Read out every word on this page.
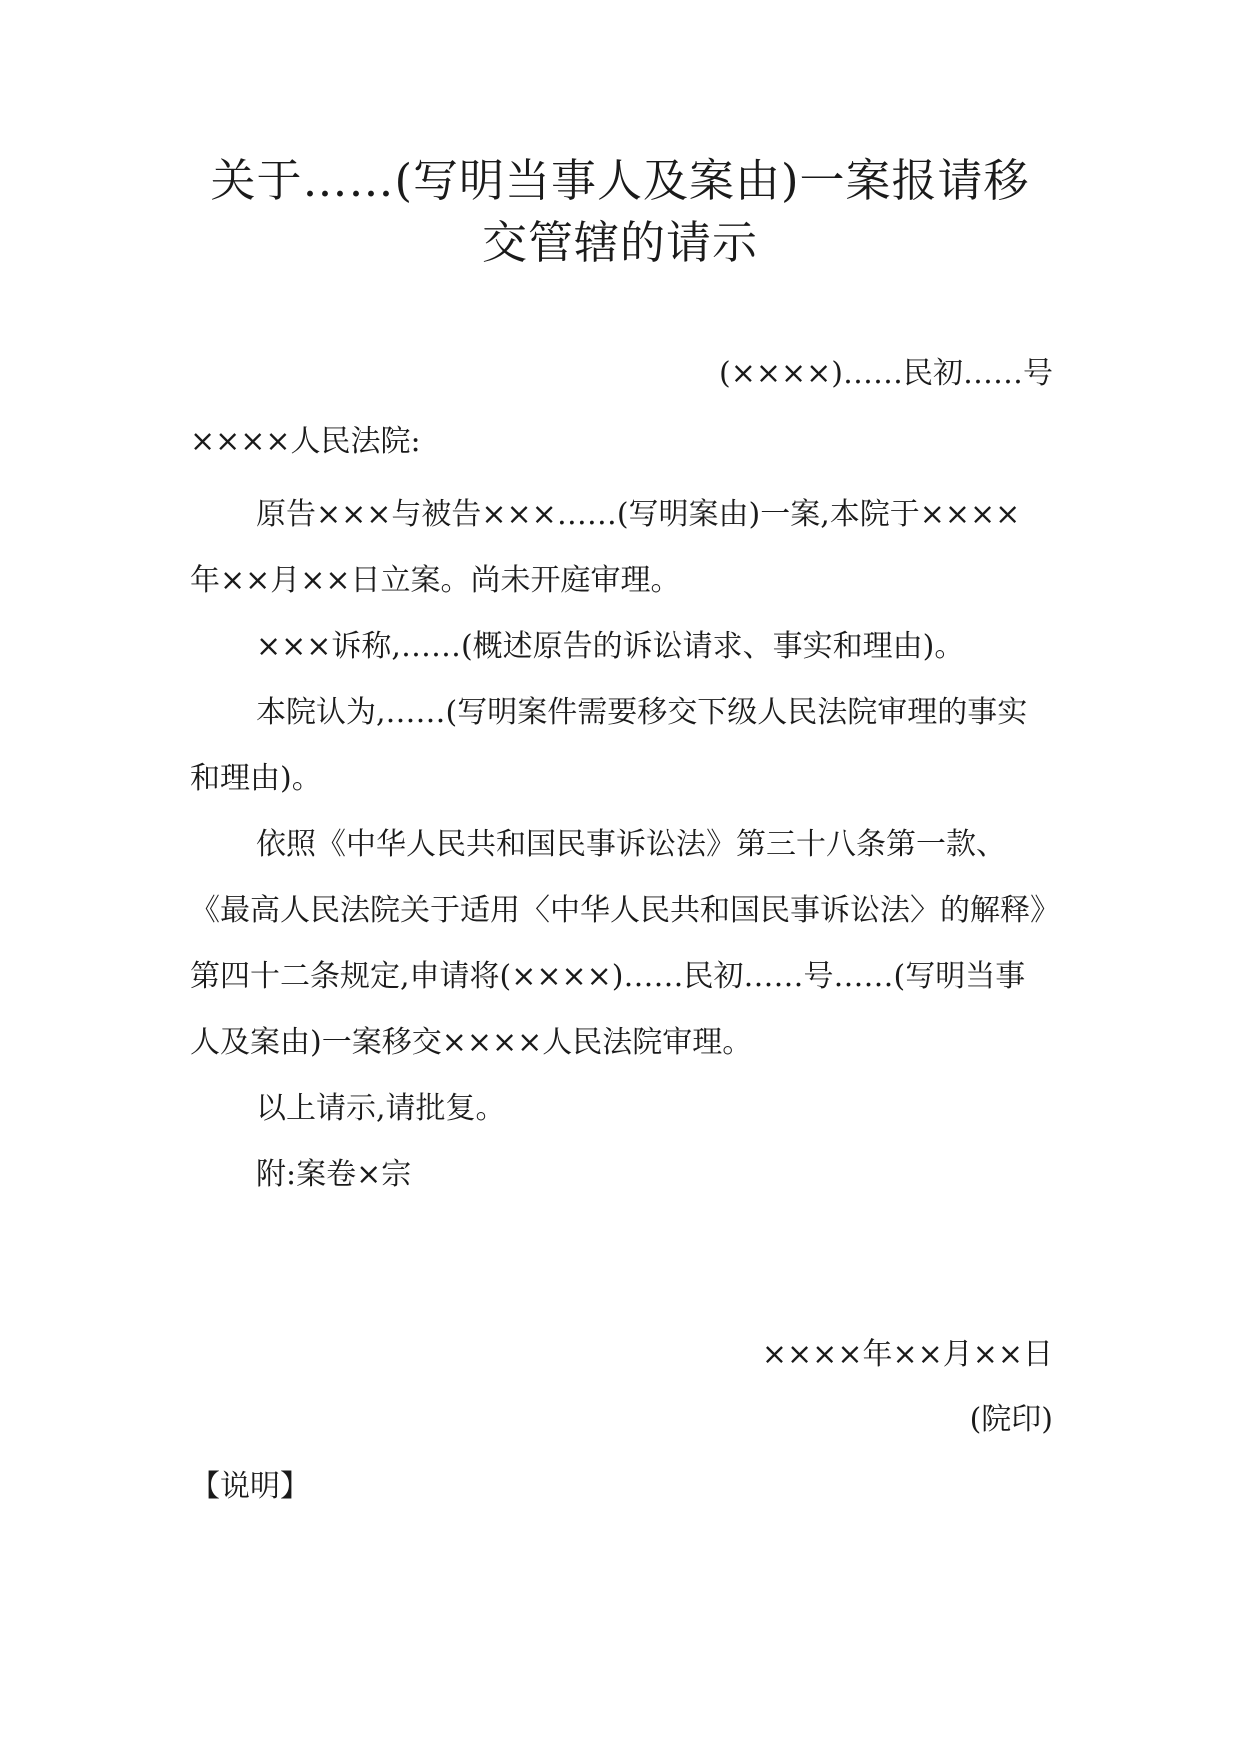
关于……(写明当事人及案由)一案报请移
交管辖的请示
(××××)……民初……号
××××人民法院:

原告×××与被告×××……(写明案由)一案,本院于××××年××月××日立案。尚未开庭审理。

×××诉称,……(概述原告的诉讼请求、事实和理由)。

本院认为,……(写明案件需要移交下级人民法院审理的事实和理由)。

依照《中华人民共和国民事诉讼法》第三十八条第一款、《最高人民法院关于适用〈中华人民共和国民事诉讼法〉的解释》第四十二条规定,申请将(××××)……民初……号……(写明当事人及案由)一案移交××××人民法院审理。

以上请示,请批复。

附:案卷×宗

××××年××月××日
(院印)
【说明】
